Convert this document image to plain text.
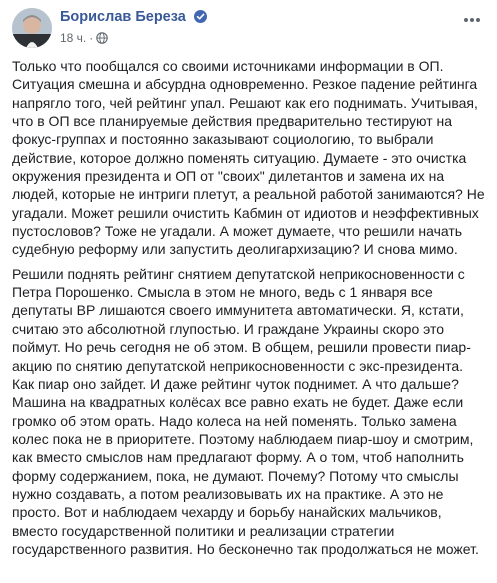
Борислав Береза
18 ч. ·

Только что пообщался со своими источниками информации в ОП. Ситуация смешна и абсурдна одновременно. Резкое падение рейтинга напрягло того, чей рейтинг упал. Решают как его поднимать. Учитывая, что в ОП все планируемые действия предварительно тестируют на фокус-группах и постоянно заказывают социологию, то выбрали действие, которое должно поменять ситуацию. Думаете - это очистка окружения президента и ОП от "своих" дилетантов и замена их на людей, которые не интриги плетут, а реальной работой занимаются? Не угадали. Может решили очистить Кабмин от идиотов и неэффективных пустословов? Тоже не угадали. А может думаете, что решили начать судебную реформу или запустить деолигархизацию? И снова мимо.

Решили поднять рейтинг снятием депутатской неприкосновенности с Петра Порошенко. Смысла в этом не много, ведь с 1 января все депутаты ВР лишаются своего иммунитета автоматически. Я, кстати, считаю это абсолютной глупостью. И граждане Украины скоро это поймут. Но речь сегодня не об этом. В общем, решили провести пиар-акцию по снятию депутатской неприкосновенности с экс-президента. Как пиар оно зайдет. И даже рейтинг чуток поднимет. А что дальше? Машина на квадратных колёсах все равно ехать не будет. Даже если громко об этом орать. Надо колеса на ней поменять. Только замена колес пока не в приоритете. Поэтому наблюдаем пиар-шоу и смотрим, как вместо смыслов нам предлагают форму. А о том, чтоб наполнить форму содержанием, пока, не думают. Почему? Потому что смыслы нужно создавать, а потом реализовывать их на практике. А это не просто. Вот и наблюдаем чехарду и борьбу нанайских мальчиков, вместо государственной политики и реализации стратегии государственного развития. Но бесконечно так продолжаться не может.
